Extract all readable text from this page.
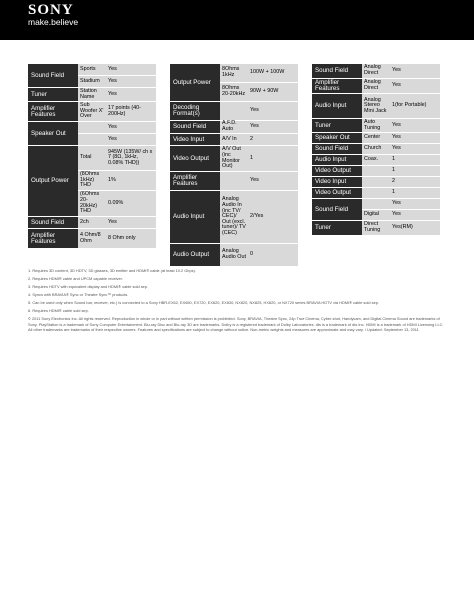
SONY
make.believe
Sound Field	Sports	Yes
	Stadium	Yes
Tuner	Station Name	Yes
Amplifier Features	Sub Woofer X' Over	17 points (40-200Hz)
Speaker Out		Yes
		Yes
Output Power	Total	945W (135W/ ch x 7 (8Ω, 1kHz, 0.08% THD))
	(8Ohms 1kHz) THD	1%
	(6Ohms 20-20kHz) THD	0.09%
Sound Field	2ch	Yes
Amplifier Features	4 Ohm/8 Ohm	8 Ohm only
Output Power	8Ohms 1kHz	100W + 100W
	8Ohms 20-20kHz	90W + 90W
Decoding Format(s)		Yes
Sound Field	A.F.D. Auto	Yes
Video Input	A/V In	2
Video Output	A/V Out (inc Monitor Out)	1
Amplifier Features		Yes
Audio Input	Analog Audio In (inc TV/ CEC)/ Out (excl. tuner)/ TV (CEC)	2/Yes
Audio Output	Analog Audio Out	0
Sound Field	Analog Direct	Yes
Amplifier Features	Analog Direct	Yes
Audio Input	Analog Stereo Mini Jack	1(for Portable)
Tuner	Auto Tuning	Yes
Speaker Out	Center	Yes
Sound Field	Church	Yes
Audio Input	Coax.	1
Video Output		1
Video Input		2
Video Output		1
Sound Field		Yes
	Digital	Yes
Tuner	Direct Tuning	Yes(RM)

1. Requires 3D content, 3D HDTV, 3D glasses, 3D emitter and HDMI® cable (at least 10.2 Gbps).

2. Requires HDMI® cable and UPCM capable receiver.

3. Requires HDTV with equivalent display and HDMI® cable sold sep.

4. Syncs with BRAVIA® Sync or Theatre Sync™ products.

5. Can be used only when Sound bar, receiver, etc.) is connected to a Sony HBR-EX62, EX650, EX720, EX820, EX830, NX820, NX825, HX820, or NX720 series BRAVIA HDTV via HDMI® cable sold sep.

6. Requires HDMI® cable sold sep.

© 2011 Sony Electronics Inc. All rights reserved. Reproduction in whole or in part without written permission is prohibited. Sony, BRAVIA, Theatre Sync, 24p True Cinema, Cyber-shot, Handycam, and Digital Cinema Sound are trademarks of Sony. PlayStation is a trademark of Sony Computer Entertainment. Blu-ray Disc and Blu-ray 3D are trademarks. Dolby is a registered trademark of Dolby Laboratories. dts is a trademark of dts Inc. HDMI is a trademark of HDMI Licensing LLC. All other trademarks are trademarks of their respective owners. Features and specifications are subject to change without notice. Non-metric weights and measures are approximate and may vary. / Updated: September 13, 2011
